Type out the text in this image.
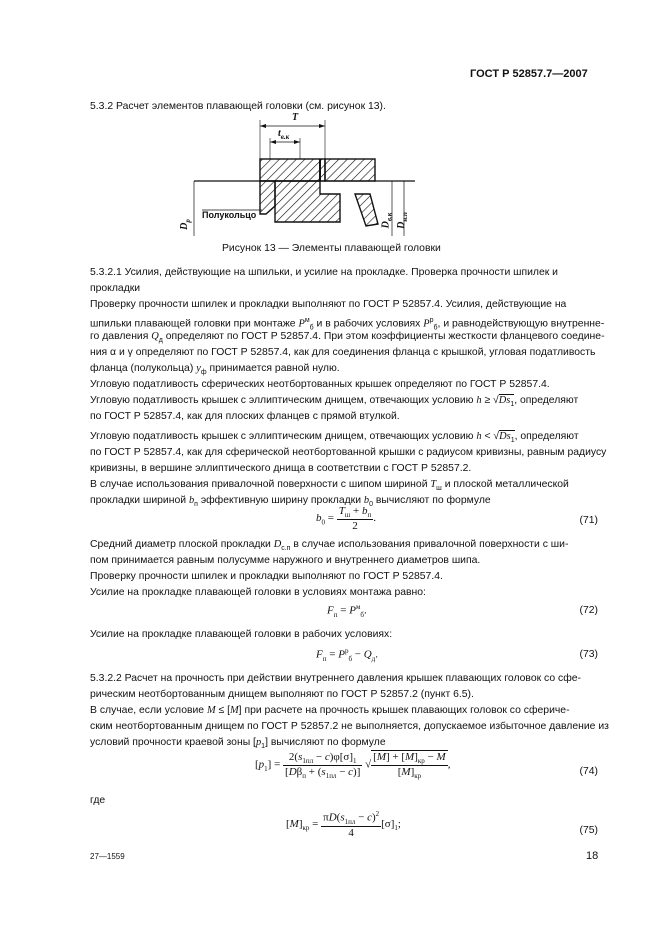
ГОСТ Р 52857.7—2007
5.3.2 Расчет элементов плавающей головки (см. рисунок 13).
Полукольцо
T
$t_{в.к}$
$D_p$
$D_{в.к}$
$D_{н.п}$
Рисунок 13 — Элементы плавающей головки
5.3.2.1 Усилия, действующие на шпильки, и усилие на прокладке. Проверка прочности шпилек и
прокладки
Проверку прочности шпилек и прокладки выполняют по ГОСТ Р 52857.4. Усилия, действующие на
шпильки плавающей головки при монтаже $P^м_б$ и в рабочих условиях $P^р_б$, и равнодействующую внутренне-
го давления $Q_д$ определяют по ГОСТ Р 52857.4. При этом коэффициенты жесткости фланцевого соедине-
ния α и γ определяют по ГОСТ Р 52857.4, как для соединения фланца с крышкой, угловая податливость
фланца (полукольца) $y_ф$ принимается равной нулю.
Угловую податливость сферических неотбортованных крышек определяют по ГОСТ Р 52857.4.
Угловую податливость крышек с эллиптическим днищем, отвечающих условию $h \ge √Ds_1$, определяют
по ГОСТ Р 52857.4, как для плоских фланцев с прямой втулкой.
Угловую податливость крышек с эллиптическим днищем, отвечающих условию $h < √Ds_1$, определяют
по ГОСТ Р 52857.4, как для сферической неотбортованной крышки с радиусом кривизны, равным радиусу
кривизны, в вершине эллиптического днища в соответствии с ГОСТ Р 52857.2.
В случае использования привалочной поверхности с шипом шириной $T_ш$ и плоской металлической
прокладки шириной $b_п$ эффективную ширину прокладки $b_0$ вычисляют по формуле
$b_0 = \frac{T_ш + b_п}{2}$ .	(71)
Средний диаметр плоской прокладки $D_{с.п}$ в случае использования привалочной поверхности с ши-
пом принимается равным полусумме наружного и внутреннего диаметров шипа.
Проверку прочности шпилек и прокладки выполняют по ГОСТ Р 52857.4.
Усилие на прокладке плавающей головки в условиях монтажа равно:
$F_п = P^м_б$.	(72)
Усилие на прокладке плавающей головки в рабочих условиях:
$F_п = P^р_б - Q_д$.	(73)
5.3.2.2 Расчет на прочность при действии внутреннего давления крышек плавающих головок со сфе-
рическим неотбортованным днищем выполняют по ГОСТ Р 52857.2 (пункт 6.5).
В случае, если условие M ≤ [M] при расчете на прочность крышек плавающих головок со сфериче-
ским неотбортованным днищем по ГОСТ Р 52857.2 не выполняется, допускаемое избыточное давление из
условий прочности краевой зоны $[p_1]$ вычисляют по формуле
$[p_1] = \frac{2(s_{1пл} - c)\varphi[\sigma]_1}{[D\beta_п + (s_{1пл} - c)]}$ √ $\frac{[M] + [M]_{кр} - M}{[M]_{кр}}$ ,
(74)
где
$[M]_{кр} = \frac{\pi D(s_{1пл} - c)^2}{4} [\sigma]_1$;
(75)
27—1559	18
